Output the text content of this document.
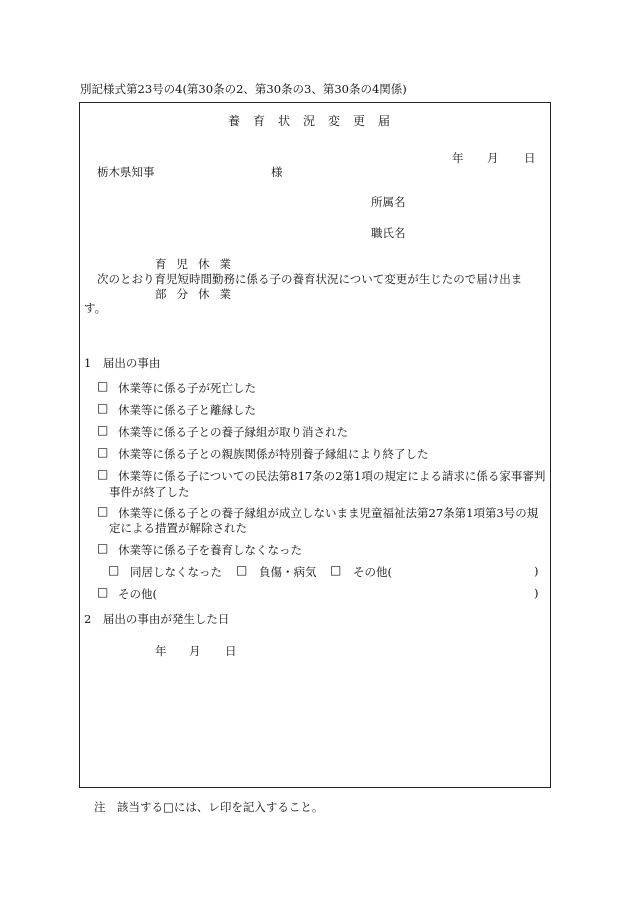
別記様式第23号の4(第30条の2、第30条の3、第30条の4関係)
養育状況変更届
年 月 日
栃木県知事	様
所属名
職氏名
育児休業
次のとおり育児短時間勤務に係る子の養育状況について変更が生じたので届け出ま
部分休業
す。
1　届出の事由
□ 休業等に係る子が死亡した
□ 休業等に係る子と離縁した
□ 休業等に係る子との養子縁組が取り消された
□ 休業等に係る子との親族関係が特別養子縁組により終了した
□ 休業等に係る子についての民法第817条の2第1項の規定による請求に係る家事審判
事件が終了した
□ 休業等に係る子との養子縁組が成立しないまま児童福祉法第27条第1項第3号の規
定による措置が解除された
□ 休業等に係る子を養育しなくなった
□ 同居しなくなった □ 負傷・病気 □ その他(	)
□ その他(	)
2　届出の事由が発生した日
年 月 日
注　該当する□には、レ印を記入すること。
